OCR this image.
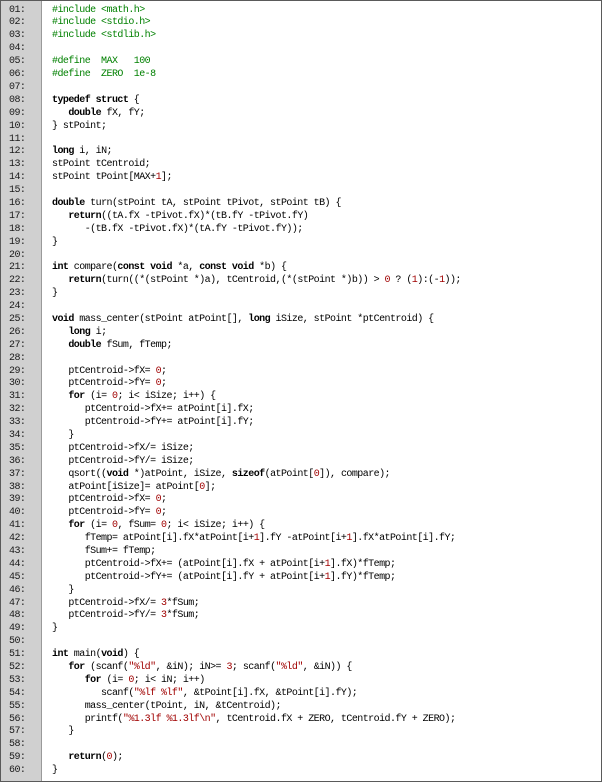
01:	#include <math.h>
02:	#include <stdio.h>
03:	#include <stdlib.h>
04:
05:	#define  MAX   100
06:	#define  ZERO  1e-8
07:
08:	typedef struct {
09:	double fX, fY;
10:	} stPoint;
11:
12:	long i, iN;
13:	stPoint tCentroid;
14:	stPoint tPoint[MAX+1];
15:
16:	double turn(stPoint tA, stPoint tPivot, stPoint tB) {
17:	return((tA.fX -tPivot.fX)*(tB.fY -tPivot.fY)
18:	-(tB.fX -tPivot.fX)*(tA.fY -tPivot.fY));
19:	}
20:
21:	int compare(const void *a, const void *b) {
22:	return(turn((*(stPoint *)a), tCentroid,(*(stPoint *)b)) > 0 ? (1):(-1));
23:	}
24:
25:	void mass_center(stPoint atPoint[], long iSize, stPoint *ptCentroid) {
26:	long i;
27:	double fSum, fTemp;
28:
29:	ptCentroid->fX= 0;
30:	ptCentroid->fY= 0;
31:	for (i= 0; i< iSize; i++) {
32:	ptCentroid->fX+= atPoint[i].fX;
33:	ptCentroid->fY+= atPoint[i].fY;
34:	}
35:	ptCentroid->fX/= iSize;
36:	ptCentroid->fY/= iSize;
37:	qsort((void *)atPoint, iSize, sizeof(atPoint[0]), compare);
38:	atPoint[iSize]= atPoint[0];
39:	ptCentroid->fX= 0;
40:	ptCentroid->fY= 0;
41:	for (i= 0, fSum= 0; i< iSize; i++) {
42:	fTemp= atPoint[i].fX*atPoint[i+1].fY -atPoint[i+1].fX*atPoint[i].fY;
43:	fSum+= fTemp;
44:	ptCentroid->fX+= (atPoint[i].fX + atPoint[i+1].fX)*fTemp;
45:	ptCentroid->fY+= (atPoint[i].fY + atPoint[i+1].fY)*fTemp;
46:	}
47:	ptCentroid->fX/= 3*fSum;
48:	ptCentroid->fY/= 3*fSum;
49:	}
50:
51:	int main(void) {
52:	for (scanf("%ld", &iN); iN>= 3; scanf("%ld", &iN)) {
53:	for (i= 0; i< iN; i++)
54:	scanf("%lf %lf", &tPoint[i].fX, &tPoint[i].fY);
55:	mass_center(tPoint, iN, &tCentroid);
56:	printf("%1.3lf %1.3lf\n", tCentroid.fX + ZERO, tCentroid.fY + ZERO);
57:	}
58:
59:	return(0);
60:	}
